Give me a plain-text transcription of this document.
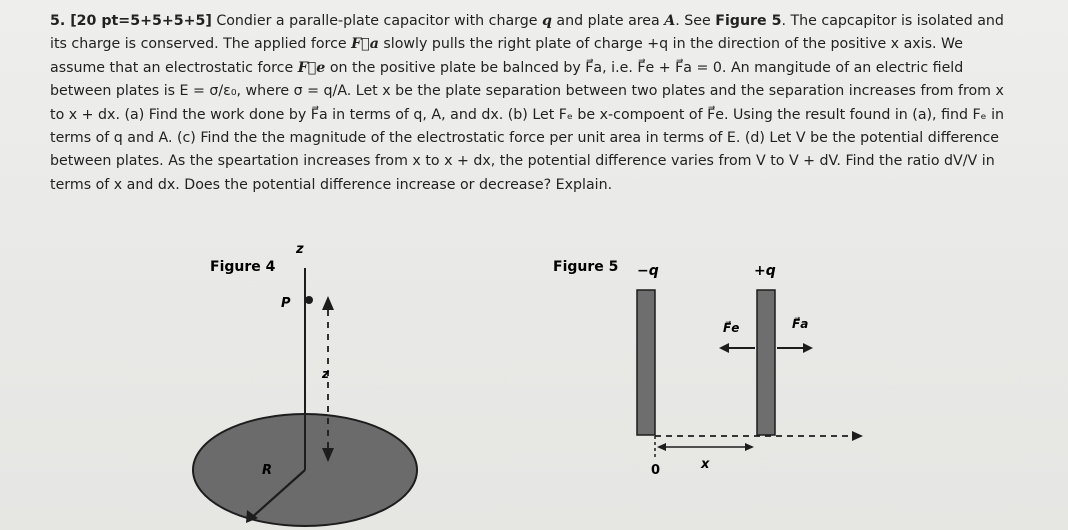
5. [20 pt=5+5+5+5] Condier a paralle-plate capacitor with charge q and plate area A. See Figure 5. The capcapitor is isolated and its charge is conserved. The applied force F⃗a slowly pulls the right plate of charge +q in the direction of the positive x axis. We assume that an electrostatic force F⃗e on the positive plate be balnced by F⃗a, i.e. F⃗e + F⃗a = 0. An mangitude of an electric field between plates is E = σ/ε₀, where σ = q/A. Let x be the plate separation between two plates and the separation increases from from x to x + dx. (a) Find the work done by F⃗a in terms of q, A, and dx. (b) Let Fₑ be x-compoent of F⃗e. Using the result found in (a), find Fₑ in terms of q and A. (c) Find the the magnitude of the electrostatic force per unit area in terms of E. (d) Let V be the potential difference between plates. As the speartation increases from x to x + dx, the potential difference varies from V to V + dV. Find the ratio dV/V in terms of x and dx. Does the potential difference increase or decrease? Explain.

Figure 4
z
P
z
R
Figure 5 −q	+q
F⃗e	F⃗a
0	x
